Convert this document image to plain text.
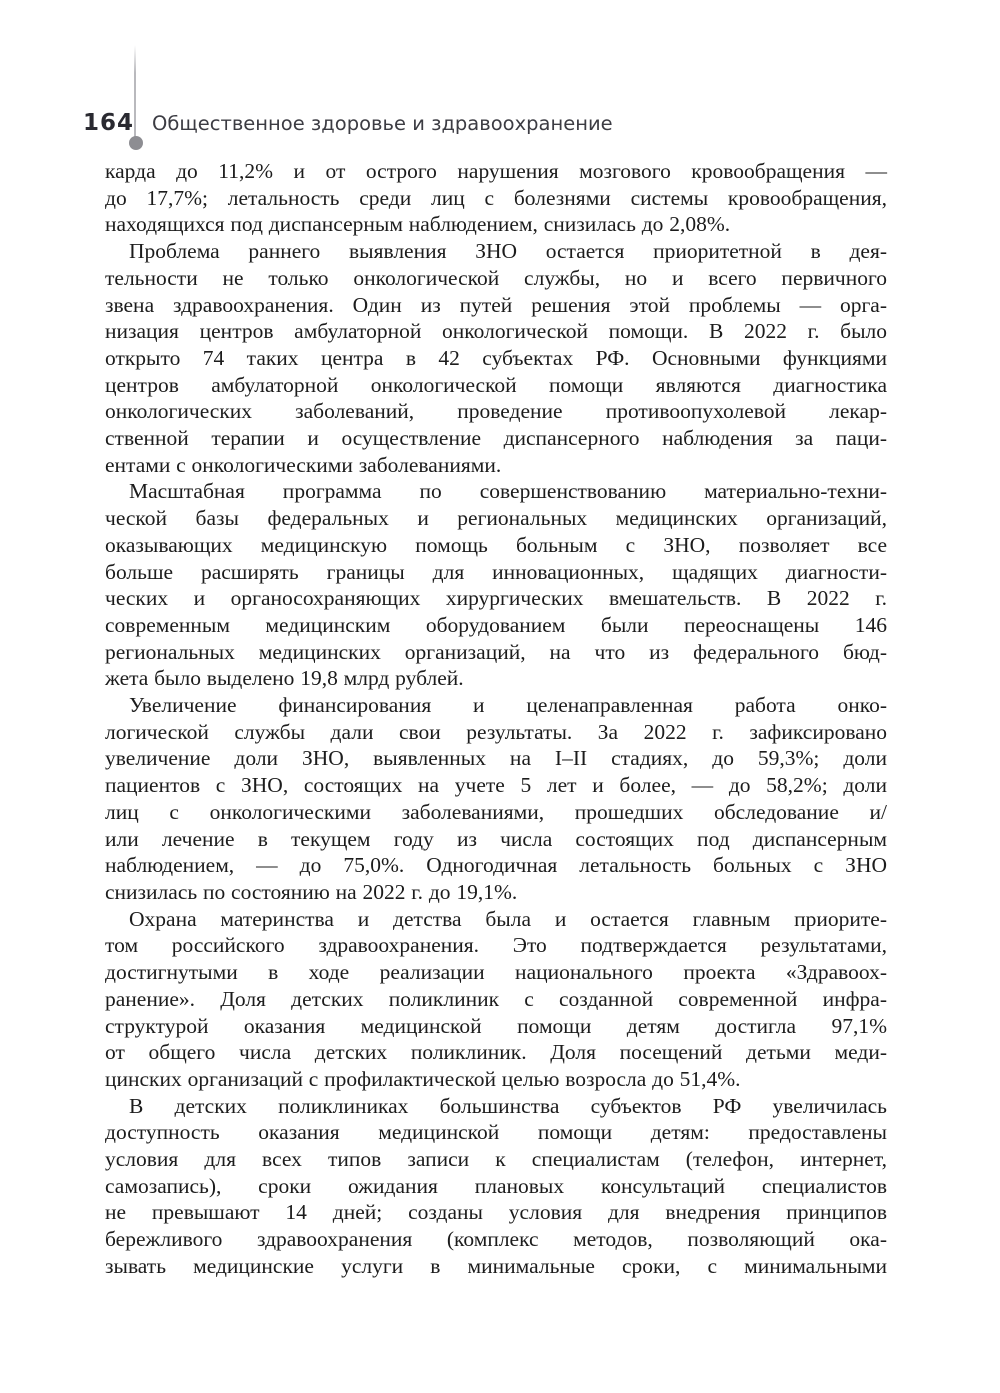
164 Общественное здоровье и здравоохранение
карда до 11,2% и от острого нарушения мозгового кровообращения —
до 17,7%; летальность среди лиц с болезнями системы кровообращения,
находящихся под диспансерным наблюдением, снизилась до 2,08%.
Проблема раннего выявления ЗНО остается приоритетной в дея-
тельности не только онкологической службы, но и всего первичного
звена здравоохранения. Один из путей решения этой проблемы — орга-
низация центров амбулаторной онкологической помощи. В 2022 г. было
открыто 74 таких центра в 42 субъектах РФ. Основными функциями
центров амбулаторной онкологической помощи являются диагностика
онкологических заболеваний, проведение противоопухолевой лекар-
ственной терапии и осуществление диспансерного наблюдения за паци-
ентами с онкологическими заболеваниями.
Масштабная программа по совершенствованию материально-техни-
ческой базы федеральных и региональных медицинских организаций,
оказывающих медицинскую помощь больным с ЗНО, позволяет все
больше расширять границы для инновационных, щадящих диагности-
ческих и органосохраняющих хирургических вмешательств. В 2022 г.
современным медицинским оборудованием были переоснащены 146
региональных медицинских организаций, на что из федерального бюд-
жета было выделено 19,8 млрд рублей.
Увеличение финансирования и целенаправленная работа онко-
логической службы дали свои результаты. За 2022 г. зафиксировано
увеличение доли ЗНО, выявленных на I–II стадиях, до 59,3%; доли
пациентов с ЗНО, состоящих на учете 5 лет и более, — до 58,2%; доли
лиц с онкологическими заболеваниями, прошедших обследование и/
или лечение в текущем году из числа состоящих под диспансерным
наблюдением, — до 75,0%. Одногодичная летальность больных с ЗНО
снизилась по состоянию на 2022 г. до 19,1%.
Охрана материнства и детства была и остается главным приорите-
том российского здравоохранения. Это подтверждается результатами,
достигнутыми в ходе реализации национального проекта «Здравоох-
ранение». Доля детских поликлиник с созданной современной инфра-
структурой оказания медицинской помощи детям достигла 97,1%
от общего числа детских поликлиник. Доля посещений детьми меди-
цинских организаций с профилактической целью возросла до 51,4%.
В детских поликлиниках большинства субъектов РФ увеличилась
доступность оказания медицинской помощи детям: предоставлены
условия для всех типов записи к специалистам (телефон, интернет,
самозапись), сроки ожидания плановых консультаций специалистов
не превышают 14 дней; созданы условия для внедрения принципов
бережливого здравоохранения (комплекс методов, позволяющий ока-
зывать медицинские услуги в минимальные сроки, с минимальными
